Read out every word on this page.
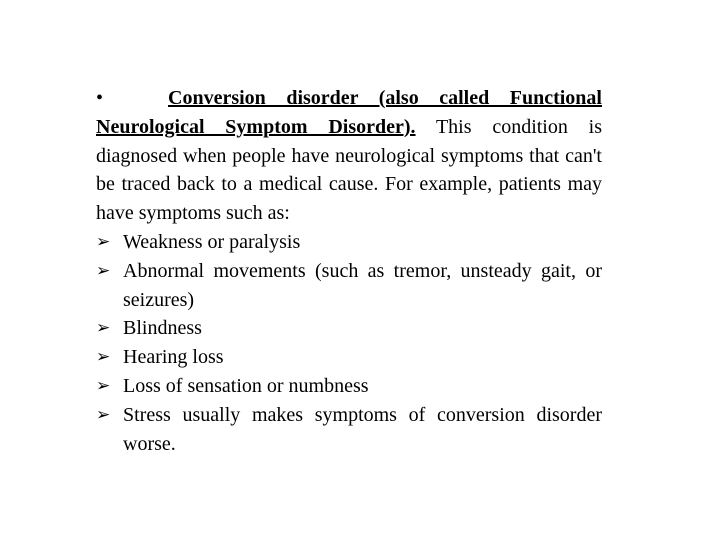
•	Conversion disorder (also called Functional Neurological Symptom Disorder). This condition is diagnosed when people have neurological symptoms that can't be traced back to a medical cause. For example, patients may have symptoms such as:

➢ Weakness or paralysis
➢ Abnormal movements (such as tremor, unsteady gait, or seizures)
➢ Blindness
➢ Hearing loss
➢ Loss of sensation or numbness
➢ Stress usually makes symptoms of conversion disorder worse.
